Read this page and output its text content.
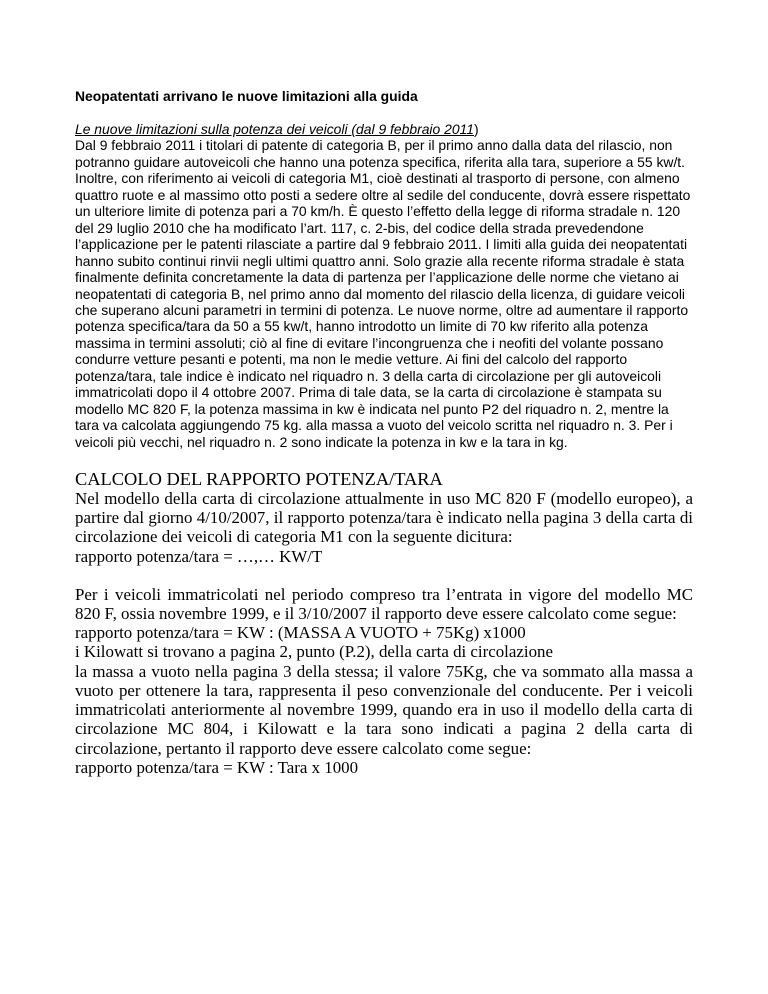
Neopatentati arrivano le nuove limitazioni alla guida
Le nuove limitazioni sulla potenza dei veicoli (dal 9 febbraio 2011)

Dal 9 febbraio 2011 i titolari di patente di categoria B, per il primo anno dalla data del rilascio, non potranno guidare autoveicoli che hanno una potenza specifica, riferita alla tara, superiore a 55 kw/t. Inoltre, con riferimento ai veicoli di categoria M1, cioè destinati al trasporto di persone, con almeno quattro ruote e al massimo otto posti a sedere oltre al sedile del conducente, dovrà essere rispettato un ulteriore limite di potenza pari a 70 km/h. È questo l’effetto della legge di riforma stradale n. 120 del 29 luglio 2010 che ha modificato l’art. 117, c. 2-bis, del codice della strada prevedendone l’applicazione per le patenti rilasciate a partire dal 9 febbraio 2011. I limiti alla guida dei neopatentati hanno subito continui rinvii negli ultimi quattro anni. Solo grazie alla recente riforma stradale è stata finalmente definita concretamente la data di partenza per l’applicazione delle norme che vietano ai neopatentati di categoria B, nel primo anno dal momento del rilascio della licenza, di guidare veicoli che superano alcuni parametri in termini di potenza. Le nuove norme, oltre ad aumentare il rapporto potenza specifica/tara da 50 a 55 kw/t, hanno introdotto un limite di 70 kw riferito alla potenza massima in termini assoluti; ciò al fine di evitare l’incongruenza che i neofiti del volante possano condurre vetture pesanti e potenti, ma non le medie vetture. Ai fini del calcolo del rapporto potenza/tara, tale indice è indicato nel riquadro n. 3 della carta di circolazione per gli autoveicoli immatricolati dopo il 4 ottobre 2007. Prima di tale data, se la carta di circolazione è stampata su modello MC 820 F, la potenza massima in kw è indicata nel punto P2 del riquadro n. 2, mentre la tara va calcolata aggiungendo 75 kg. alla massa a vuoto del veicolo scritta nel riquadro n. 3. Per i veicoli più vecchi, nel riquadro n. 2 sono indicate la potenza in kw e la tara in kg.

CALCOLO DEL RAPPORTO POTENZA/TARA

Nel modello della carta di circolazione attualmente in uso MC 820 F (modello europeo), a partire dal giorno 4/10/2007, il rapporto potenza/tara è indicato nella pagina 3 della carta di circolazione dei veicoli di categoria M1 con la seguente dicitura:

rapporto potenza/tara = …,… KW/T

Per i veicoli immatricolati nel periodo compreso tra l’entrata in vigore del modello MC 820 F, ossia novembre 1999, e il 3/10/2007 il rapporto deve essere calcolato come segue:

rapporto potenza/tara = KW : (MASSA A VUOTO + 75Kg) x1000

i Kilowatt si trovano a pagina 2, punto (P.2), della carta di circolazione

la massa a vuoto nella pagina 3 della stessa; il valore 75Kg, che va sommato alla massa a vuoto per ottenere la tara, rappresenta il peso convenzionale del conducente. Per i veicoli immatricolati anteriormente al novembre 1999, quando era in uso il modello della carta di circolazione MC 804, i Kilowatt e la tara sono indicati a pagina 2 della carta di circolazione, pertanto il rapporto deve essere calcolato come segue:

rapporto potenza/tara = KW : Tara x 1000
